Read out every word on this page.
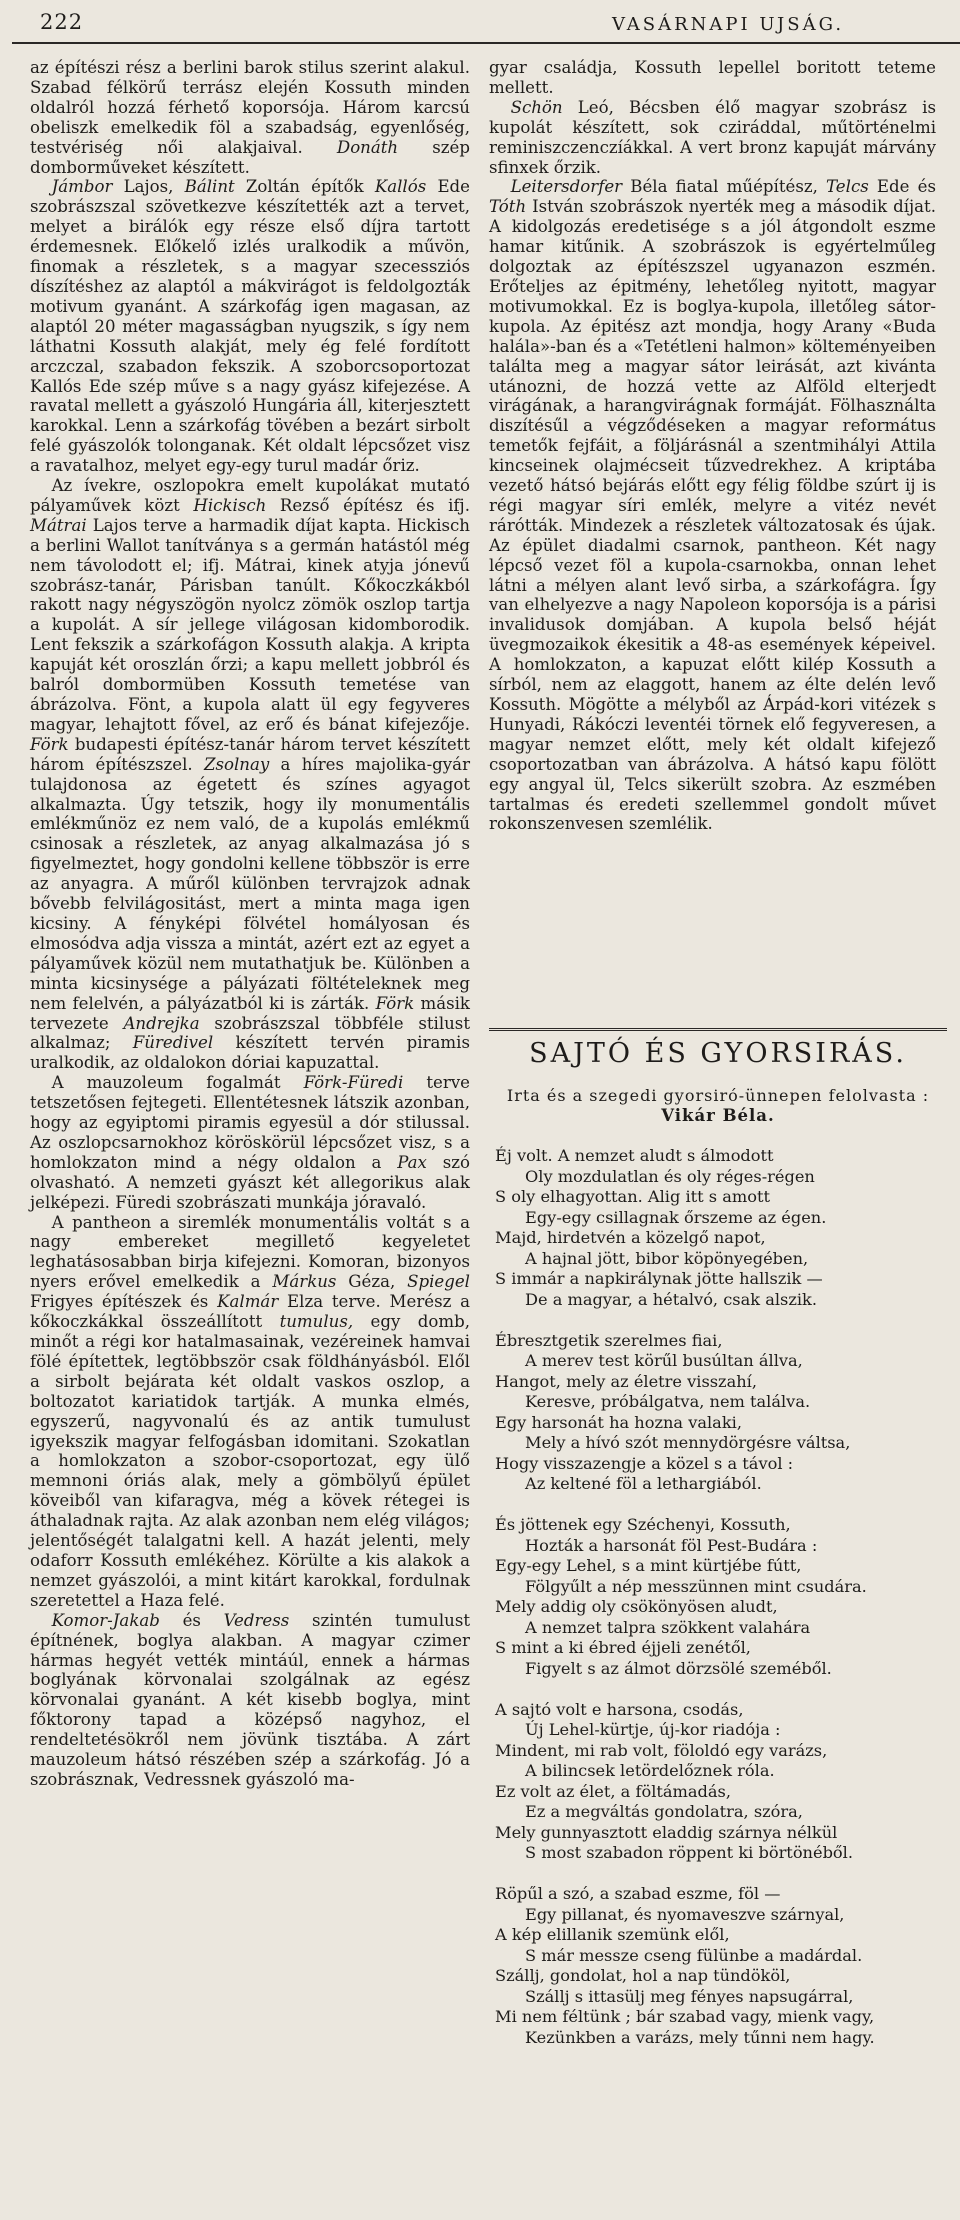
222	VASÁRNAPI UJSÁG.

az építészi rész a berlini barok stilus szerint alakul. Szabad félkörű terrász elején Kossuth minden oldalról hozzá férhető koporsója. Három karcsú obeliszk emelkedik föl a szabadság, egyenlőség, testvériség női alakjaival. Donáth szép domborműveket készített.

Jámbor Lajos, Bálint Zoltán építők Kallós Ede szobrászszal szövetkezve készítették azt a tervet, melyet a birálók egy része első díjra tartott érdemesnek. Előkelő izlés uralkodik a művön, finomak a részletek, s a magyar szecessziós díszítéshez az alaptól a mákvirágot is feldolgozták motivum gyanánt. A szárkofág igen magasan, az alaptól 20 méter magasságban nyugszik, s így nem láthatni Kossuth alakját, mely ég felé fordított arczczal, szabadon fekszik. A szoborcsoportozat Kallós Ede szép műve s a nagy gyász kifejezése. A ravatal mellett a gyászoló Hungária áll, kiterjesztett karokkal. Lenn a szárkofág tövében a bezárt sirbolt felé gyászolók tolonganak. Két oldalt lépcsőzet visz a ravatalhoz, melyet egy-egy turul madár őriz.

Az ívekre, oszlopokra emelt kupolákat mutató pályaművek közt Hickisch Rezső építész és ifj. Mátrai Lajos terve a harmadik díjat kapta. Hickisch a berlini Wallot tanítványa s a germán hatástól még nem távolodott el; ifj. Mátrai, kinek atyja jónevű szobrász-tanár, Párisban tanúlt. Kőkoczkákból rakott nagy négyszögön nyolcz zömök oszlop tartja a kupolát. A sír jellege világosan kidomborodik. Lent fekszik a szárkofágon Kossuth alakja. A kripta kapuját két oroszlán őrzi; a kapu mellett jobbról és balról dombormüben Kossuth temetése van ábrázolva. Fönt, a kupola alatt ül egy fegyveres magyar, lehajtott fővel, az erő és bánat kifejezője. Förk budapesti építész-tanár három tervet készített három építészszel. Zsolnay a híres majolika-gyár tulajdonosa az égetett és színes agyagot alkalmazta. Úgy tetszik, hogy ily monumentális emlékműnöz ez nem való, de a kupolás emlékmű csinosak a részletek, az anyag alkalmazása jó s figyelmeztet, hogy gondolni kellene többször is erre az anyagra. A műről különben tervrajzok adnak bővebb felvilágositást, mert a minta maga igen kicsiny. A fényképi fölvétel homályosan és elmosódva adja vissza a mintát, azért ezt az egyet a pályaművek közül nem mutathatjuk be. Különben a minta kicsinysége a pályázati föltételeknek meg nem felelvén, a pályázatból ki is zárták. Förk másik tervezete Andrejka szobrászszal többféle stilust alkalmaz; Füredivel készített tervén piramis uralkodik, az oldalokon dóriai kapuzattal.

A mauzoleum fogalmát Förk-Füredi terve tetszetősen fejtegeti. Ellentétesnek látszik azonban, hogy az egyiptomi piramis egyesül a dór stilussal. Az oszlopcsarnokhoz köröskörül lépcsőzet visz, s a homlokzaton mind a négy oldalon a Pax szó olvasható. A nemzeti gyászt két allegorikus alak jelképezi. Füredi szobrászati munkája jóravaló.

A pantheon a siremlék monumentális voltát s a nagy embereket megillető kegyeletet leghatásosabban birja kifejezni. Komoran, bizonyos nyers erővel emelkedik a Márkus Géza, Spiegel Frigyes építészek és Kalmár Elza terve. Merész a kőkoczkákkal összeállított tumulus, egy domb, minőt a régi kor hatalmasainak, vezéreinek hamvai fölé építettek, legtöbbször csak földhányásból. Elől a sirbolt bejárata két oldalt vaskos oszlop, a boltozatot kariatidok tartják. A munka elmés, egyszerű, nagyvonalú és az antik tumulust igyekszik magyar felfogásban idomitani. Szokatlan a homlokzaton a szobor-csoportozat, egy ülő memnoni óriás alak, mely a gömbölyű épület köveiből van kifaragva, még a kövek rétegei is áthaladnak rajta. Az alak azonban nem elég világos; jelentőségét talalgatni kell. A hazát jelenti, mely odaforr Kossuth emlékéhez. Körülte a kis alakok a nemzet gyászolói, a mint kitárt karokkal, fordulnak szeretettel a Haza felé.

Komor-Jakab és Vedress szintén tumulust építnének, boglya alakban. A magyar czimer hármas hegyét vették mintáúl, ennek a hármas boglyának körvonalai szolgálnak az egész körvonalai gyanánt. A két kisebb boglya, mint főktorony tapad a középső nagyhoz, el rendeltetésökről nem jövünk tisztába. A zárt mauzoleum hátsó részében szép a szárkofág. Jó a szobrásznak, Vedressnek gyászoló ma-

gyar családja, Kossuth lepellel boritott teteme mellett.

Schön Leó, Bécsben élő magyar szobrász is kupolát készített, sok cziráddal, műtörténelmi reminiszczenczíákkal. A vert bronz kapuját márvány sfinxek őrzik.

Leitersdorfer Béla fiatal műépítész, Telcs Ede és Tóth István szobrászok nyerték meg a második díjat. A kidolgozás eredetisége s a jól átgondolt eszme hamar kitűnik. A szobrászok is egyértelműleg dolgoztak az építészszel ugyanazon eszmén. Erőteljes az épitmény, lehetőleg nyitott, magyar motivumokkal. Ez is boglya-kupola, illetőleg sátor-kupola. Az épitész azt mondja, hogy Arany «Buda halála»-ban és a «Tetétleni halmon» költeményeiben találta meg a magyar sátor leirását, azt kivánta utánozni, de hozzá vette az Alföld elterjedt virágának, a harangvirágnak formáját. Fölhasználta diszítésűl a végződéseken a magyar református temetők fejfáit, a följárásnál a szentmihályi Attila kincseinek olajmécseit tűzvedrekhez. A kriptába vezető hátsó bejárás előtt egy félig földbe szúrt ij is régi magyar síri emlék, melyre a vitéz nevét rárótták. Mindezek a részletek változatosak és újak. Az épület diadalmi csarnok, pantheon. Két nagy lépcső vezet föl a kupola-csarnokba, onnan lehet látni a mélyen alant levő sirba, a szárkofágra. Így van elhelyezve a nagy Napoleon koporsója is a párisi invalidusok domjában. A kupola belső héját üvegmozaikok ékesitik a 48-as események képeivel. A homlokzaton, a kapuzat előtt kilép Kossuth a sírból, nem az elaggott, hanem az élte delén levő Kossuth. Mögötte a mélyből az Árpád-kori vitézek s Hunyadi, Rákóczi leventéi törnek elő fegyveresen, a magyar nemzet előtt, mely két oldalt kifejező csoportozatban van ábrázolva. A hátsó kapu fölött egy angyal ül, Telcs sikerült szobra. Az eszmében tartalmas és eredeti szellemmel gondolt művet rokonszenvesen szemlélik.

SAJTÓ ÉS GYORSIRÁS.
Irta és a szegedi gyorsiró-ünnepen felolvasta :
Vikár Béla.
Éj volt. A nemzet aludt s álmodott
Oly mozdulatlan és oly réges-régen
S oly elhagyottan. Alig itt s amott
Egy-egy csillagnak őrszeme az égen.
Majd, hirdetvén a közelgő napot,
A hajnal jött, bibor köpönyegében,
S immár a napkirálynak jötte hallszik —
De a magyar, a hétalvó, csak alszik.
Ébresztgetik szerelmes fiai,
A merev test körűl busúltan állva,
Hangot, mely az életre visszahí,
Keresve, próbálgatva, nem találva.
Egy harsonát ha hozna valaki,
Mely a hívó szót mennydörgésre váltsa,
Hogy visszazengje a közel s a távol :
Az keltené föl a lethargiából.
És jöttenek egy Széchenyi, Kossuth,
Hozták a harsonát föl Pest-Budára :
Egy-egy Lehel, s a mint kürtjébe fútt,
Fölgyűlt a nép messzünnen mint csudára.
Mely addig oly csökönyösen aludt,
A nemzet talpra szökkent valahára
S mint a ki ébred éjjeli zenétől,
Figyelt s az álmot dörzsölé szeméből.
A sajtó volt e harsona, csodás,
Új Lehel-kürtje, új-kor riadója :
Mindent, mi rab volt, föloldó egy varázs,
A bilincsek letördelőznek róla.
Ez volt az élet, a föltámadás,
Ez a megváltás gondolatra, szóra,
Mely gunnyasztott eladdig szárnya nélkül
S most szabadon röppent ki börtönéből.
Röpűl a szó, a szabad eszme, föl —
Egy pillanat, és nyomaveszve szárnyal,
A kép elillanik szemünk elől,
S már messze cseng fülünbe a madárdal.
Szállj, gondolat, hol a nap tündököl,
Szállj s ittasülj meg fényes napsugárral,
Mi nem féltünk ; bár szabad vagy, mienk vagy,
Kezünkben a varázs, mely tűnni nem hagy.
